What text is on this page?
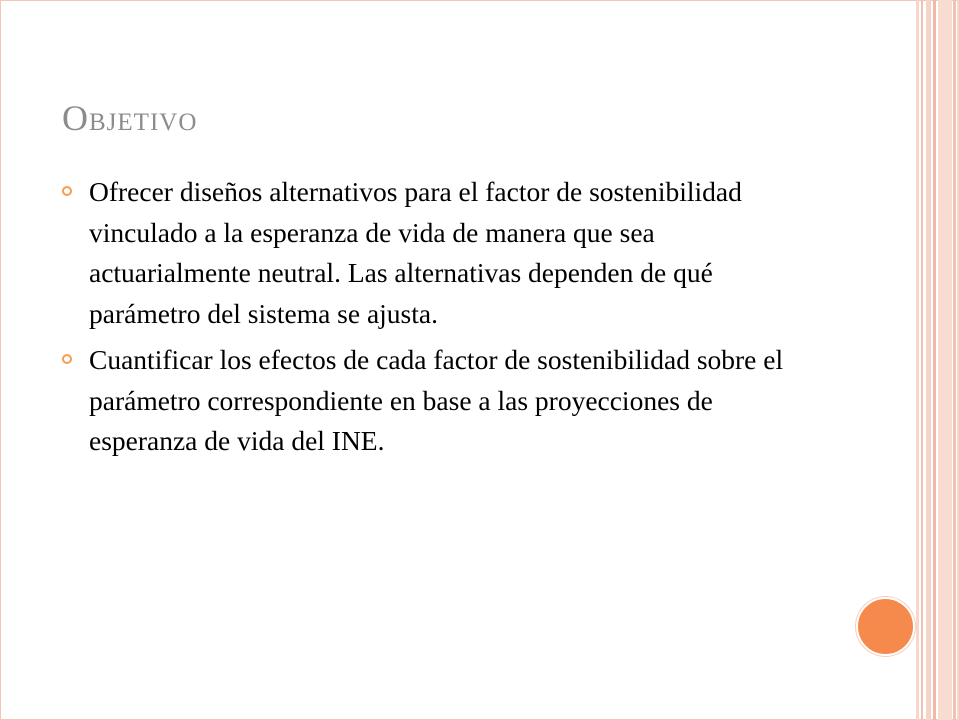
Objetivo
Ofrecer diseños alternativos para el factor de sostenibilidad vinculado a la esperanza de vida de manera que sea actuarialmente neutral. Las alternativas dependen de qué parámetro del sistema se ajusta.
Cuantificar los efectos de cada factor de sostenibilidad sobre el parámetro correspondiente en base a las proyecciones de esperanza de vida del INE.
